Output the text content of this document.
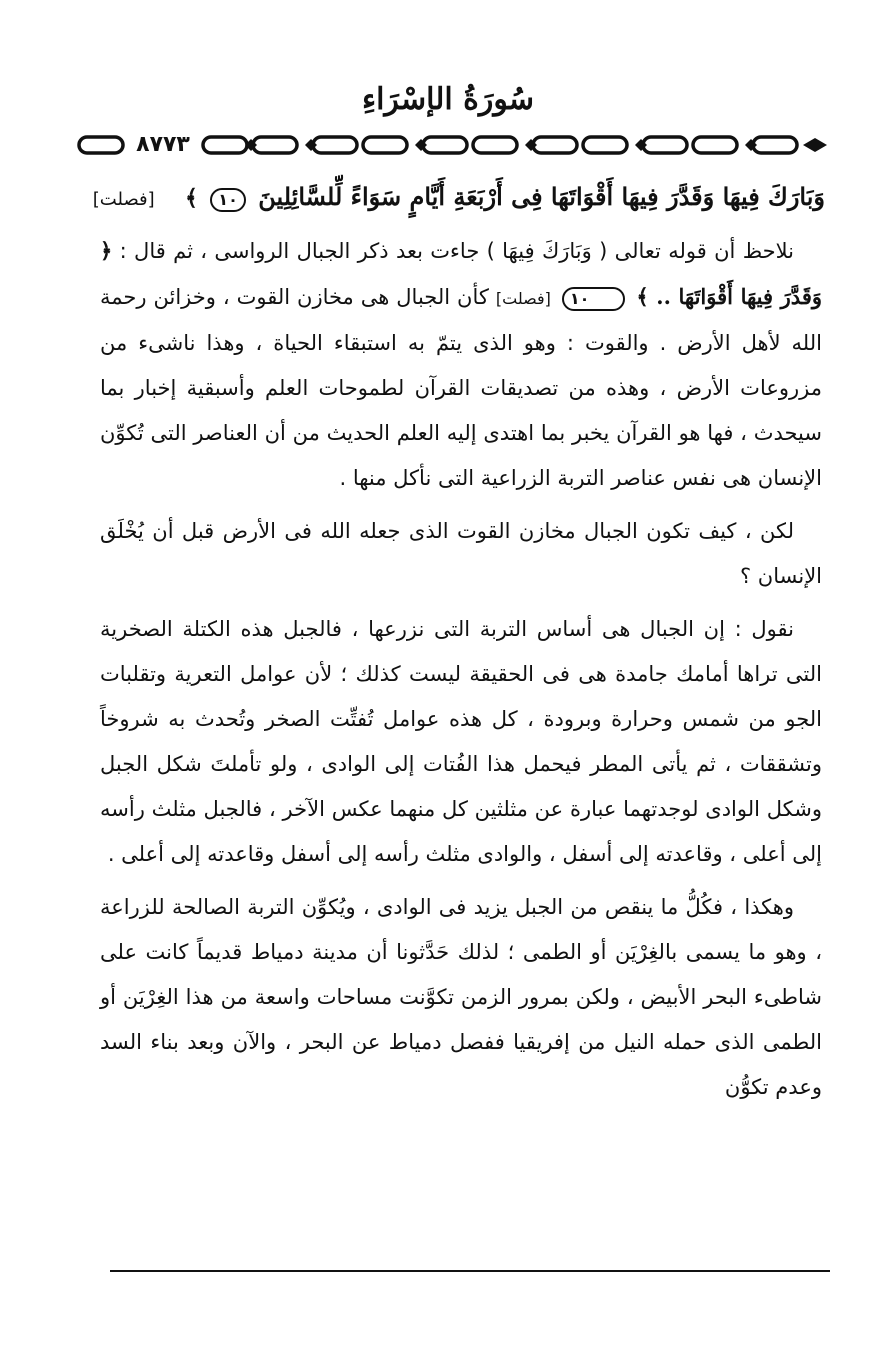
سُورَةُ الإسْرَاءِ
٨٧٧٣
وَبَارَكَ فِيهَا وَقَدَّرَ فِيهَا أَقْوَاتَهَا فِى أَرْبَعَةِ أَيَّامٍ سَوَاءً لِّلسَّائِلِينَ ١٠ ﴾ [فصلت]

نلاحظ أن قوله تعالى ( وَبَارَكَ فِيهَا ) جاءت بعد ذكر الجبال الرواسى ، ثم قال : ﴿ وَقَدَّرَ فِيهَا أَقْوَاتَهَا .. ﴾ ١٠ [فصلت] كأن الجبال هى مخازن القوت ، وخزائن رحمة الله لأهل الأرض . والقوت : وهو الذى يتمّ به استبقاء الحياة ، وهذا ناشىء من مزروعات الأرض ، وهذه من تصديقات القرآن لطموحات العلم وأسبقية إخبار بما سيحدث ، فها هو القرآن يخبر بما اهتدى إليه العلم الحديث من أن العناصر التى تُكوِّن الإنسان هى نفس عناصر التربة الزراعية التى نأكل منها .

لكن ، كيف تكون الجبال مخازن القوت الذى جعله الله فى الأرض قبل أن يُخْلَق الإنسان ؟

نقول : إن الجبال هى أساس التربة التى نزرعها ، فالجبل هذه الكتلة الصخرية التى تراها أمامك جامدة هى فى الحقيقة ليست كذلك ؛ لأن عوامل التعرية وتقلبات الجو من شمس وحرارة وبرودة ، كل هذه عوامل تُفتِّت الصخر وتُحدث به شروخاً وتشققات ، ثم يأتى المطر فيحمل هذا الفُتات إلى الوادى ، ولو تأملتَ شكل الجبل وشكل الوادى لوجدتهما عبارة عن مثلثين كل منهما عكس الآخر ، فالجبل مثلث رأسه إلى أعلى ، وقاعدته إلى أسفل ، والوادى مثلث رأسه إلى أسفل وقاعدته إلى أعلى .

وهكذا ، فكُلُّ ما ينقص من الجبل يزيد فى الوادى ، ويُكوِّن التربة الصالحة للزراعة ، وهو ما يسمى بالغِرْيَن أو الطمى ؛ لذلك حَدَّثونا أن مدينة دمياط قديماً كانت على شاطىء البحر الأبيض ، ولكن بمرور الزمن تكوَّنت مساحات واسعة من هذا الغِرْيَن أو الطمى الذى حمله النيل من إفريقيا ففصل دمياط عن البحر ، والآن وبعد بناء السد وعدم تكوُّن
